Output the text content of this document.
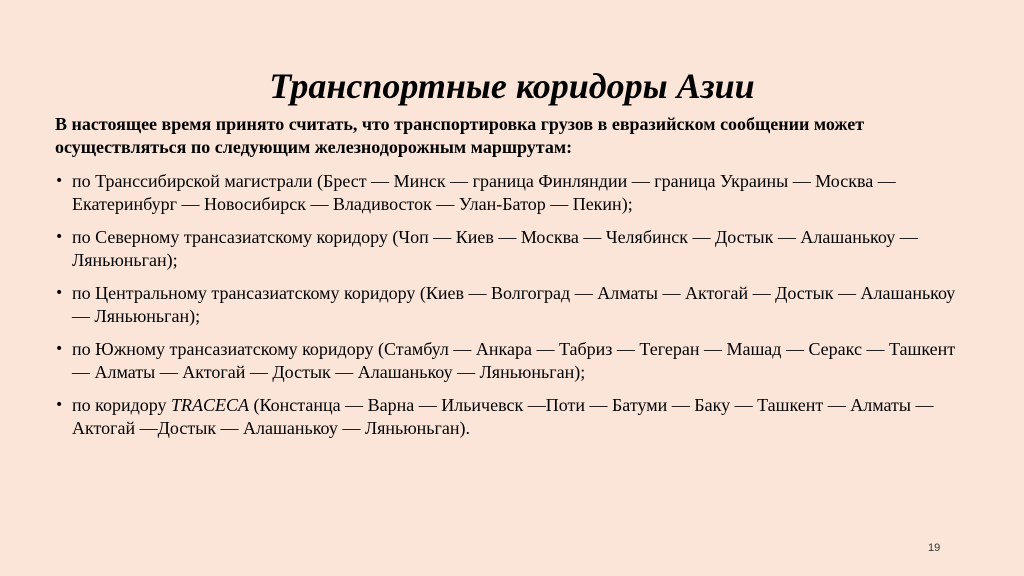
Транспортные коридоры Азии

В настоящее время принято считать, что транспортировка грузов в евразийском сообщении может осуществляться по следующим железнодорожным маршрутам:

• по Транссибирской магистрали (Брест — Минск — граница Финляндии — граница Украины — Москва — Екатеринбург — Новосибирск — Владивосток — Улан-Батор — Пекин);
• по Северному трансазиатскому коридору (Чоп — Киев — Москва — Челябинск — Достык — Алашанькоу — Ляньюньган);
• по Центральному трансазиатскому коридору (Киев — Волгоград — Алматы — Актогай — Достык — Алашанькоу — Ляньюньган);
• по Южному трансазиатскому коридору (Стамбул — Анкара — Табриз — Тегеран — Машад — Серакс — Ташкент — Алматы — Актогай — Достык — Алашанькоу — Ляньюньган);
• по коридору TRACECA (Констанца — Варна — Ильичевск —Поти — Батуми — Баку — Ташкент — Алматы — Актогай —Достык — Алашанькоу — Ляньюньган).
19
